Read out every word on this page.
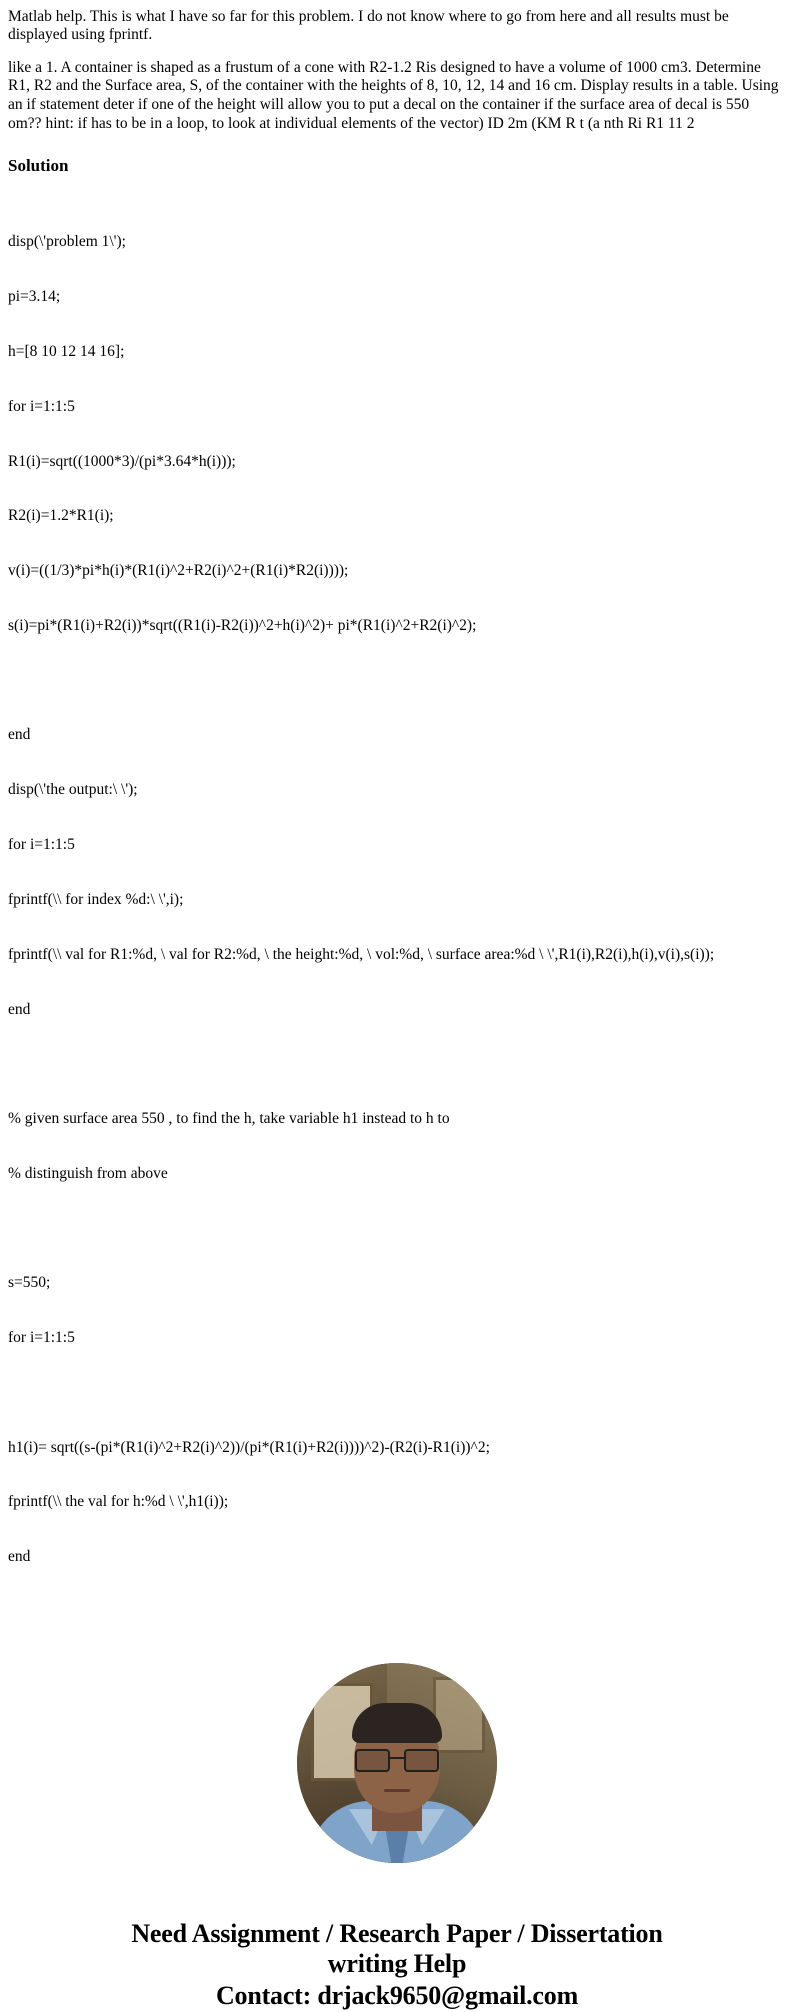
Matlab help. This is what I have so far for this problem. I do not know where to go from here and all results must be displayed using fprintf.

like a 1. A container is shaped as a frustum of a cone with R2-1.2 Ris designed to have a volume of 1000 cm3. Determine R1, R2 and the Surface area, S, of the container with the heights of 8, 10, 12, 14 and 16 cm. Display results in a table. Using an if statement deter if one of the height will allow you to put a decal on the container if the surface area of decal is 550 om?? hint: if has to be in a loop, to look at individual elements of the vector) ID 2m (KM R t (a nth Ri R1 11 2

Solution

disp(\'problem 1\');

pi=3.14;

h=[8 10 12 14 16];

for i=1:1:5

R1(i)=sqrt((1000*3)/(pi*3.64*h(i)));

R2(i)=1.2*R1(i);

v(i)=((1/3)*pi*h(i)*(R1(i)^2+R2(i)^2+(R1(i)*R2(i))));

s(i)=pi*(R1(i)+R2(i))*sqrt((R1(i)-R2(i))^2+h(i)^2)+ pi*(R1(i)^2+R2(i)^2);

end

disp(\'the output:\ \');

for i=1:1:5

fprintf(\\ for index %d:\ \',i);

fprintf(\\ val for R1:%d, \ val for R2:%d, \ the height:%d, \ vol:%d, \ surface area:%d \ \',R1(i),R2(i),h(i),v(i),s(i));

end

% given surface area 550 , to find the h, take variable h1 instead to h to

% distinguish from above

s=550;

for i=1:1:5

h1(i)= sqrt((s-(pi*(R1(i)^2+R2(i)^2))/(pi*(R1(i)+R2(i))))^2)-(R2(i)-R1(i))^2;

fprintf(\\ the val for h:%d \ \',h1(i));

end

Need Assignment / Research Paper / Dissertation
writing Help
Contact: drjack9650@gmail.com
